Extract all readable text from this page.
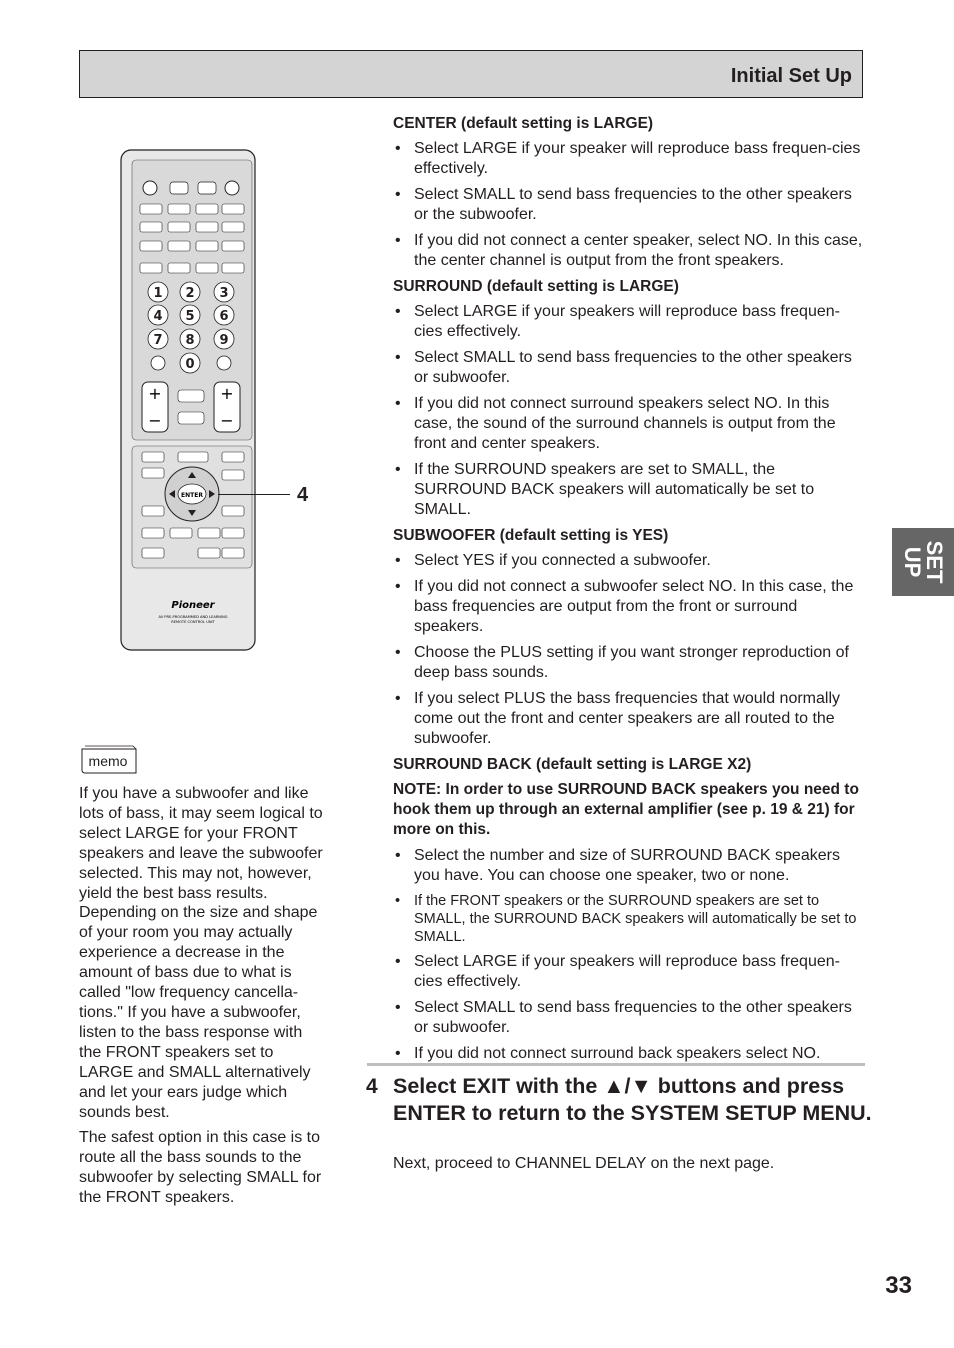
Initial Set Up
SET
UP
1 2 3
4 5 6
7 8 9
0
+
−
+
−
ENTER
Pioneer
AV PRE-PROGRAMMED AND LEARNING
REMOTE CONTROL UNIT
4
memo

If you have a subwoofer and like lots of bass, it may seem logical to select LARGE for your FRONT speakers and leave the subwoofer selected. This may not, however, yield the best bass results. Depending on the size and shape of your room you may actually experience a decrease in the amount of bass due to what is called "low frequency cancella-tions." If you have a subwoofer, listen to the bass response with the FRONT speakers set to LARGE and SMALL alternatively and let your ears judge which sounds best.

The safest option in this case is to route all the bass sounds to the subwoofer by selecting SMALL for the FRONT speakers.

CENTER (default setting is LARGE)
• Select LARGE if your speaker will reproduce bass frequen-cies effectively.
• Select SMALL to send bass frequencies to the other speakers or the subwoofer.
• If you did not connect a center speaker, select NO. In this case, the center channel is output from the front speakers.
SURROUND (default setting is LARGE)
• Select LARGE if your speakers will reproduce bass frequen-cies effectively.
• Select SMALL to send bass frequencies to the other speakers or subwoofer.
• If you did not connect surround speakers select NO. In this case, the sound of the surround channels is output from the front and center speakers.
• If the SURROUND speakers are set to SMALL, the SURROUND BACK speakers will automatically be set to SMALL.
SUBWOOFER (default setting is YES)
• Select YES if you connected a subwoofer.
• If you did not connect a subwoofer select NO. In this case, the bass frequencies are output from the front or surround speakers.
• Choose the PLUS setting if you want stronger reproduction of deep bass sounds.
• If you select PLUS the bass frequencies that would normally come out the front and center speakers are all routed to the subwoofer.
SURROUND BACK (default setting is LARGE X2)
NOTE: In order to use SURROUND BACK speakers you need to hook them up through an external amplifier (see p. 19 & 21) for more on this.
• Select the number and size of SURROUND BACK speakers you have. You can choose one speaker, two or none.
• If the FRONT speakers or the SURROUND speakers are set to SMALL, the SURROUND BACK speakers will automatically be set to SMALL.
• Select LARGE if your speakers will reproduce bass frequen-cies effectively.
• Select SMALL to send bass frequencies to the other speakers or subwoofer.
• If you did not connect surround back speakers select NO.
4 Select EXIT with the ▲/▼ buttons and press ENTER to return to the SYSTEM SETUP MENU.
Next, proceed to CHANNEL DELAY on the next page.
33
